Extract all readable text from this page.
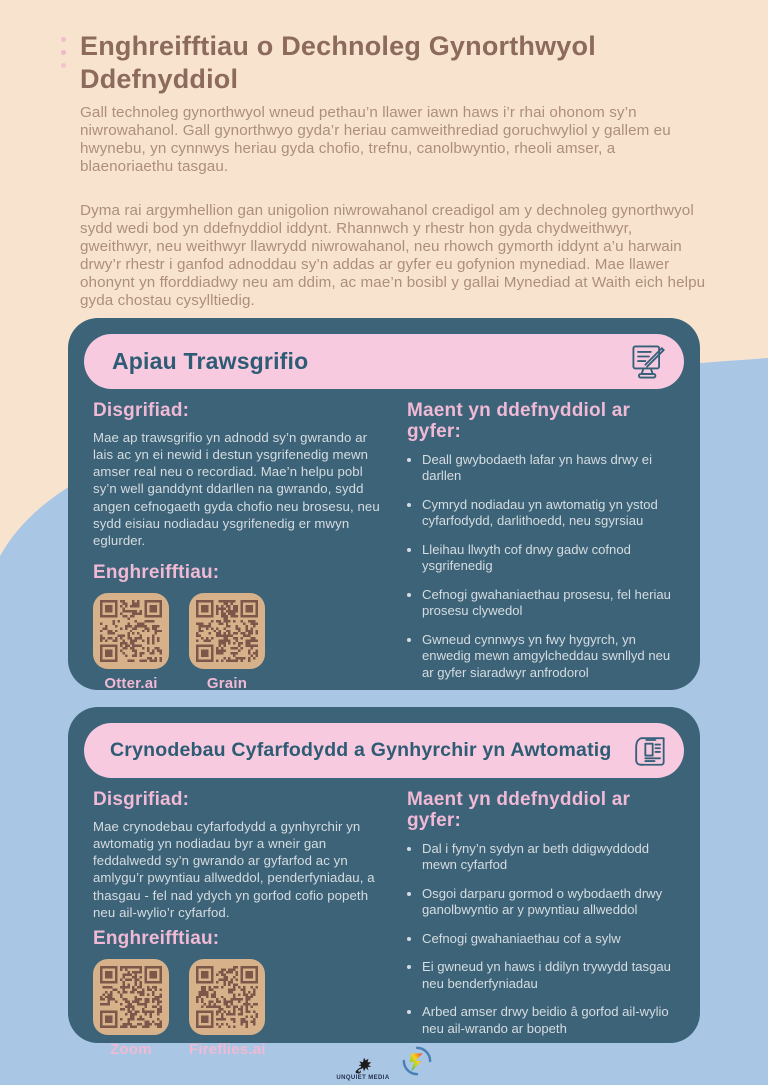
Enghreifftiau o Dechnoleg Gynorthwyol Ddefnyddiol

Gall technoleg gynorthwyol wneud pethau’n llawer iawn haws i’r rhai ohonom sy’n niwrowahanol. Gall gynorthwyo gyda’r heriau camweithrediad goruchwyliol y gallem eu hwynebu, yn cynnwys heriau gyda chofio, trefnu, canolbwyntio, rheoli amser, a blaenoriaethu tasgau.

Dyma rai argymhellion gan unigolion niwrowahanol creadigol am y dechnoleg gynorthwyol sydd wedi bod yn ddefnyddiol iddynt. Rhannwch y rhestr hon gyda chydweithwyr, gweithwyr, neu weithwyr llawrydd niwrowahanol, neu rhowch gymorth iddynt a’u harwain drwy’r rhestr i ganfod adnoddau sy’n addas ar gyfer eu gofynion mynediad. Mae llawer ohonynt yn fforddiadwy neu am ddim, ac mae’n bosibl y gallai Mynediad at Waith eich helpu gyda chostau cysylltiedig.

Apiau Trawsgrifio
Disgrifiad:

Mae ap trawsgrifio yn adnodd sy’n gwrando ar lais ac yn ei newid i destun ysgrifenedig mewn amser real neu o recordiad. Mae’n helpu pobl sy’n well ganddynt ddarllen na gwrando, sydd angen cefnogaeth gyda chofio neu brosesu, neu sydd eisiau nodiadau ysgrifenedig er mwyn eglurder.

Enghreifftiau:
Otter.ai	Grain
Maent yn ddefnyddiol ar gyfer:
Deall gwybodaeth lafar yn haws drwy ei darllen
Cymryd nodiadau yn awtomatig yn ystod cyfarfodydd, darlithoedd, neu sgyrsiau
Lleihau llwyth cof drwy gadw cofnod ysgrifenedig
Cefnogi gwahaniaethau prosesu, fel heriau prosesu clywedol
Gwneud cynnwys yn fwy hygyrch, yn enwedig mewn amgylcheddau swnllyd neu ar gyfer siaradwyr anfrodorol
Crynodebau Cyfarfodydd a Gynhyrchir yn Awtomatig
Disgrifiad:

Mae crynodebau cyfarfodydd a gynhyrchir yn awtomatig yn nodiadau byr a wneir gan feddalwedd sy’n gwrando ar gyfarfod ac yn amlygu’r pwyntiau allweddol, penderfyniadau, a thasgau - fel nad ydych yn gorfod cofio popeth neu ail-wylio’r cyfarfod.

Enghreifftiau:
Zoom Fireflies.ai
Maent yn ddefnyddiol ar gyfer:
Dal i fyny’n sydyn ar beth ddigwyddodd mewn cyfarfod
Osgoi darparu gormod o wybodaeth drwy ganolbwyntio ar y pwyntiau allweddol
Cefnogi gwahaniaethau cof a sylw
Ei gwneud yn haws i ddilyn trywydd tasgau neu benderfyniadau
Arbed amser drwy beidio â gorfod ail-wylio neu ail-wrando ar bopeth
UNQUIET MEDIA
